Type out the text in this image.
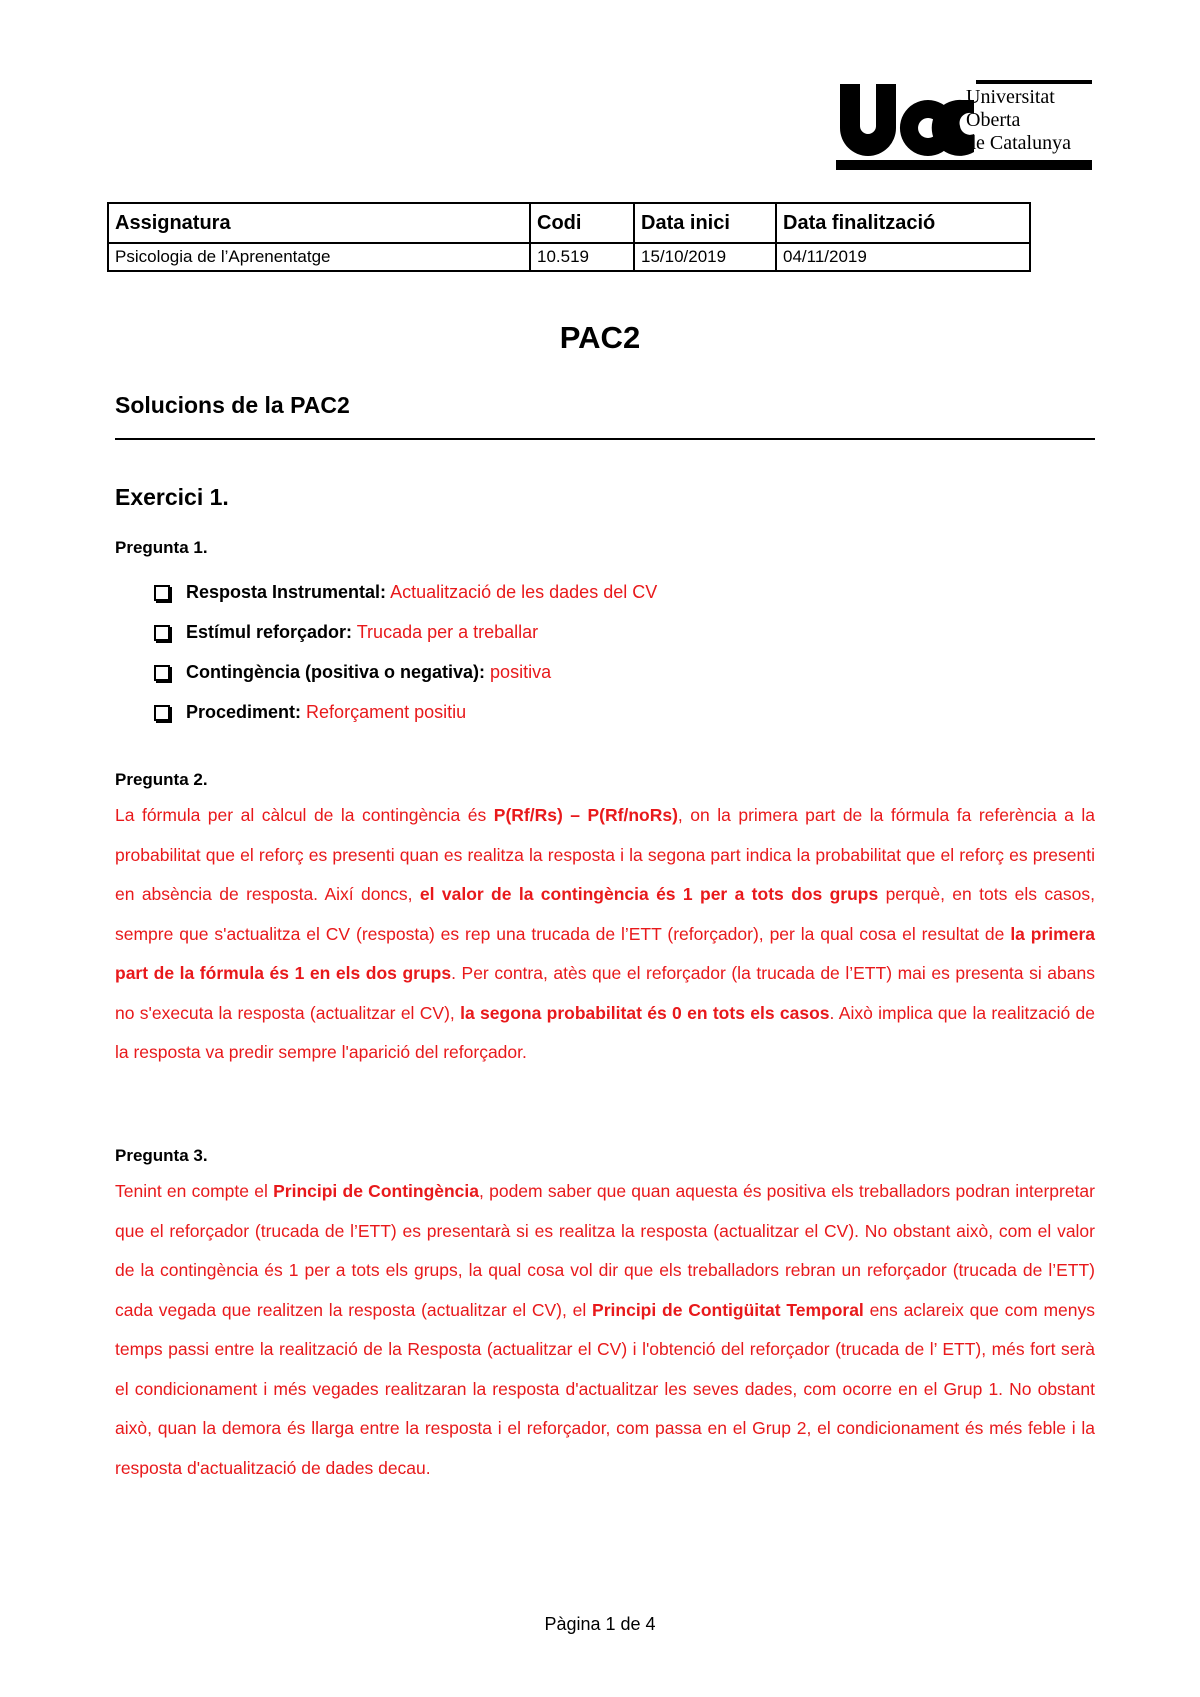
Universitat
Oberta
de Catalunya
Assignatura	Codi	Data inici	Data finalització
Psicologia de l’Aprenentatge	10.519	15/10/2019	04/11/2019
PAC2
Solucions de la PAC2
Exercici 1.
Pregunta 1.
Resposta Instrumental: Actualització de les dades del CV
Estímul reforçador: Trucada per a treballar
Contingència (positiva o negativa): positiva
Procediment: Reforçament positiu
Pregunta 2.

La fórmula per al càlcul de la contingència és P(Rf/Rs) – P(Rf/noRs), on la primera part de la fórmula fa referència a la probabilitat que el reforç es presenti quan es realitza la resposta i la segona part indica la probabilitat que el reforç es presenti en absència de resposta. Així doncs, el valor de la contingència és 1 per a tots dos grups perquè, en tots els casos, sempre que s'actualitza el CV (resposta) es rep una trucada de l’ETT (reforçador), per la qual cosa el resultat de la primera part de la fórmula és 1 en els dos grups. Per contra, atès que el reforçador (la trucada de l’ETT) mai es presenta si abans no s'executa la resposta (actualitzar el CV), la segona probabilitat és 0 en tots els casos. Això implica que la realització de la resposta va predir sempre l'aparició del reforçador.

Pregunta 3.

Tenint en compte el Principi de Contingència, podem saber que quan aquesta és positiva els treballadors podran interpretar que el reforçador (trucada de l’ETT) es presentarà si es realitza la resposta (actualitzar el CV). No obstant això, com el valor de la contingència és 1 per a tots els grups, la qual cosa vol dir que els treballadors rebran un reforçador (trucada de l’ETT) cada vegada que realitzen la resposta (actualitzar el CV), el Principi de Contigüitat Temporal ens aclareix que com menys temps passi entre la realització de la Resposta (actualitzar el CV) i l'obtenció del reforçador (trucada de l’ ETT), més fort serà el condicionament i més vegades realitzaran la resposta d'actualitzar les seves dades, com ocorre en el Grup 1. No obstant això, quan la demora és llarga entre la resposta i el reforçador, com passa en el Grup 2, el condicionament és més feble i la resposta d'actualització de dades decau.

Pàgina 1 de 4
